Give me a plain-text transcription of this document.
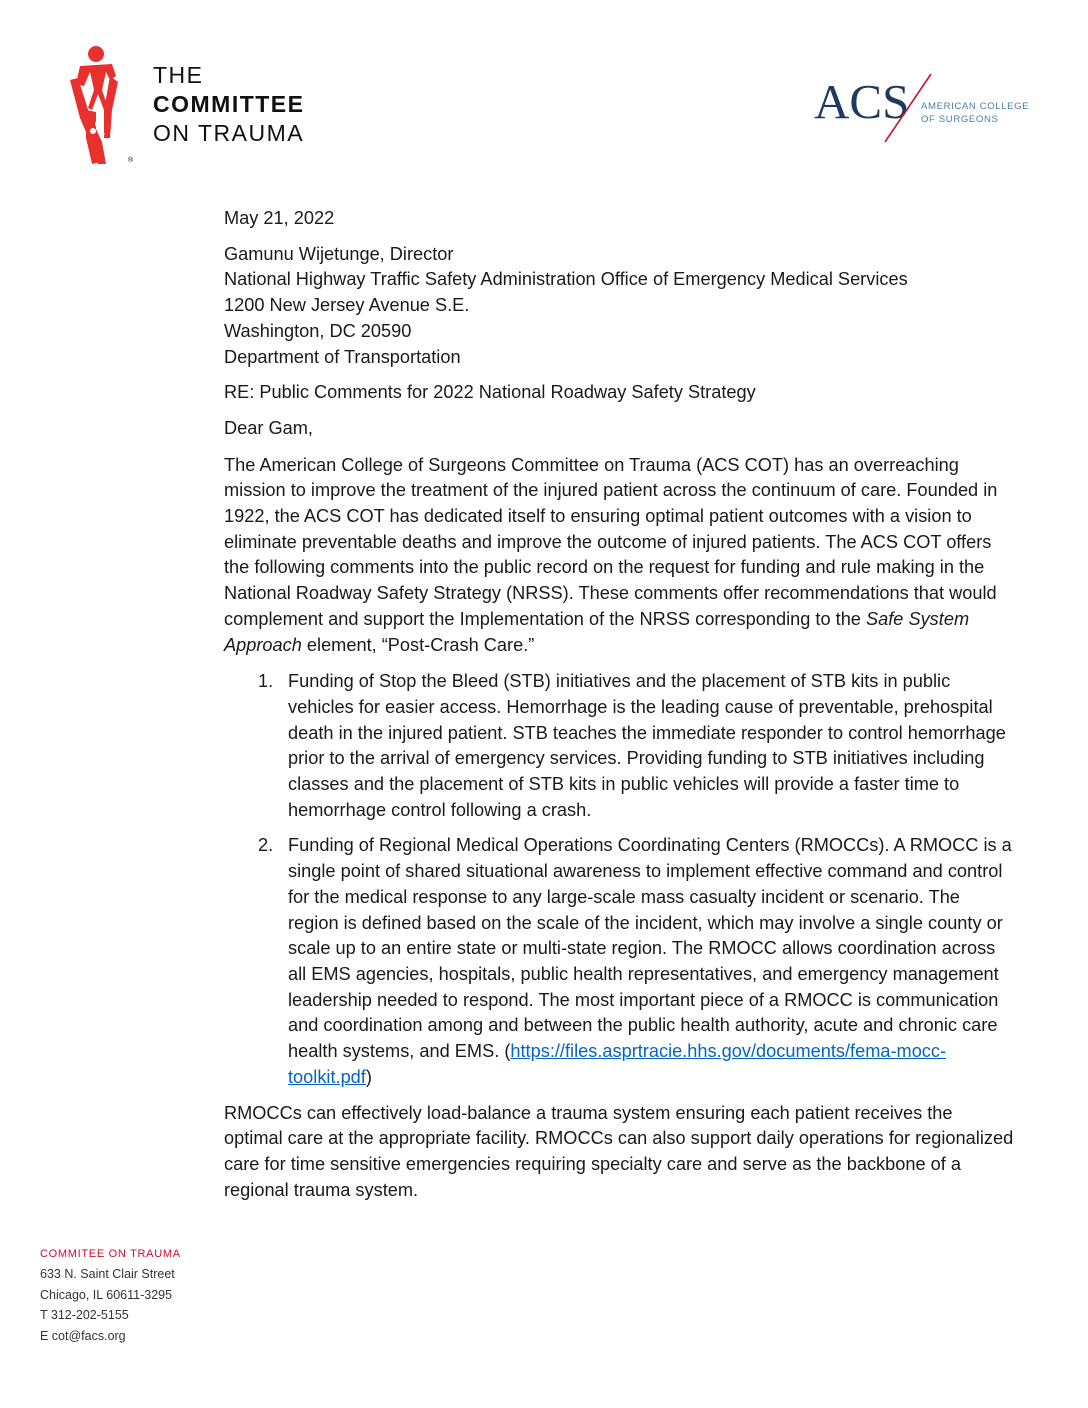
®
THE
COMMITTEE
ON TRAUMA
ACS AMERICAN COLLEGE
OF SURGEONS

May 21, 2022

Gamunu Wijetunge, Director

National Highway Traffic Safety Administration Office of Emergency Medical Services

1200 New Jersey Avenue S.E.

Washington, DC 20590

Department of Transportation

RE: Public Comments for 2022 National Roadway Safety Strategy

Dear Gam,

The American College of Surgeons Committee on Trauma (ACS COT) has an overreaching mission to improve the treatment of the injured patient across the continuum of care. Founded in 1922, the ACS COT has dedicated itself to ensuring optimal patient outcomes with a vision to eliminate preventable deaths and improve the outcome of injured patients. The ACS COT offers the following comments into the public record on the request for funding and rule making in the National Roadway Safety Strategy (NRSS). These comments offer recommendations that would complement and support the Implementation of the NRSS corresponding to the Safe System Approach element, “Post-Crash Care.”

1. Funding of Stop the Bleed (STB) initiatives and the placement of STB kits in public vehicles for easier access. Hemorrhage is the leading cause of preventable, prehospital death in the injured patient. STB teaches the immediate responder to control hemorrhage prior to the arrival of emergency services. Providing funding to STB initiatives including classes and the placement of STB kits in public vehicles will provide a faster time to hemorrhage control following a crash.
2. Funding of Regional Medical Operations Coordinating Centers (RMOCCs). A RMOCC is a single point of shared situational awareness to implement effective command and control for the medical response to any large-scale mass casualty incident or scenario. The region is defined based on the scale of the incident, which may involve a single county or scale up to an entire state or multi-state region. The RMOCC allows coordination across all EMS agencies, hospitals, public health representatives, and emergency management leadership needed to respond. The most important piece of a RMOCC is communication and coordination among and between the public health authority, acute and chronic care health systems, and EMS. (https://files.asprtracie.hhs.gov/documents/fema-mocc-toolkit.pdf)

RMOCCs can effectively load-balance a trauma system ensuring each patient receives the optimal care at the appropriate facility. RMOCCs can also support daily operations for regionalized care for time sensitive emergencies requiring specialty care and serve as the backbone of a regional trauma system.

COMMITEE ON TRAUMA
633 N. Saint Clair Street
Chicago, IL 60611-3295
T 312-202-5155
E cot@facs.org
